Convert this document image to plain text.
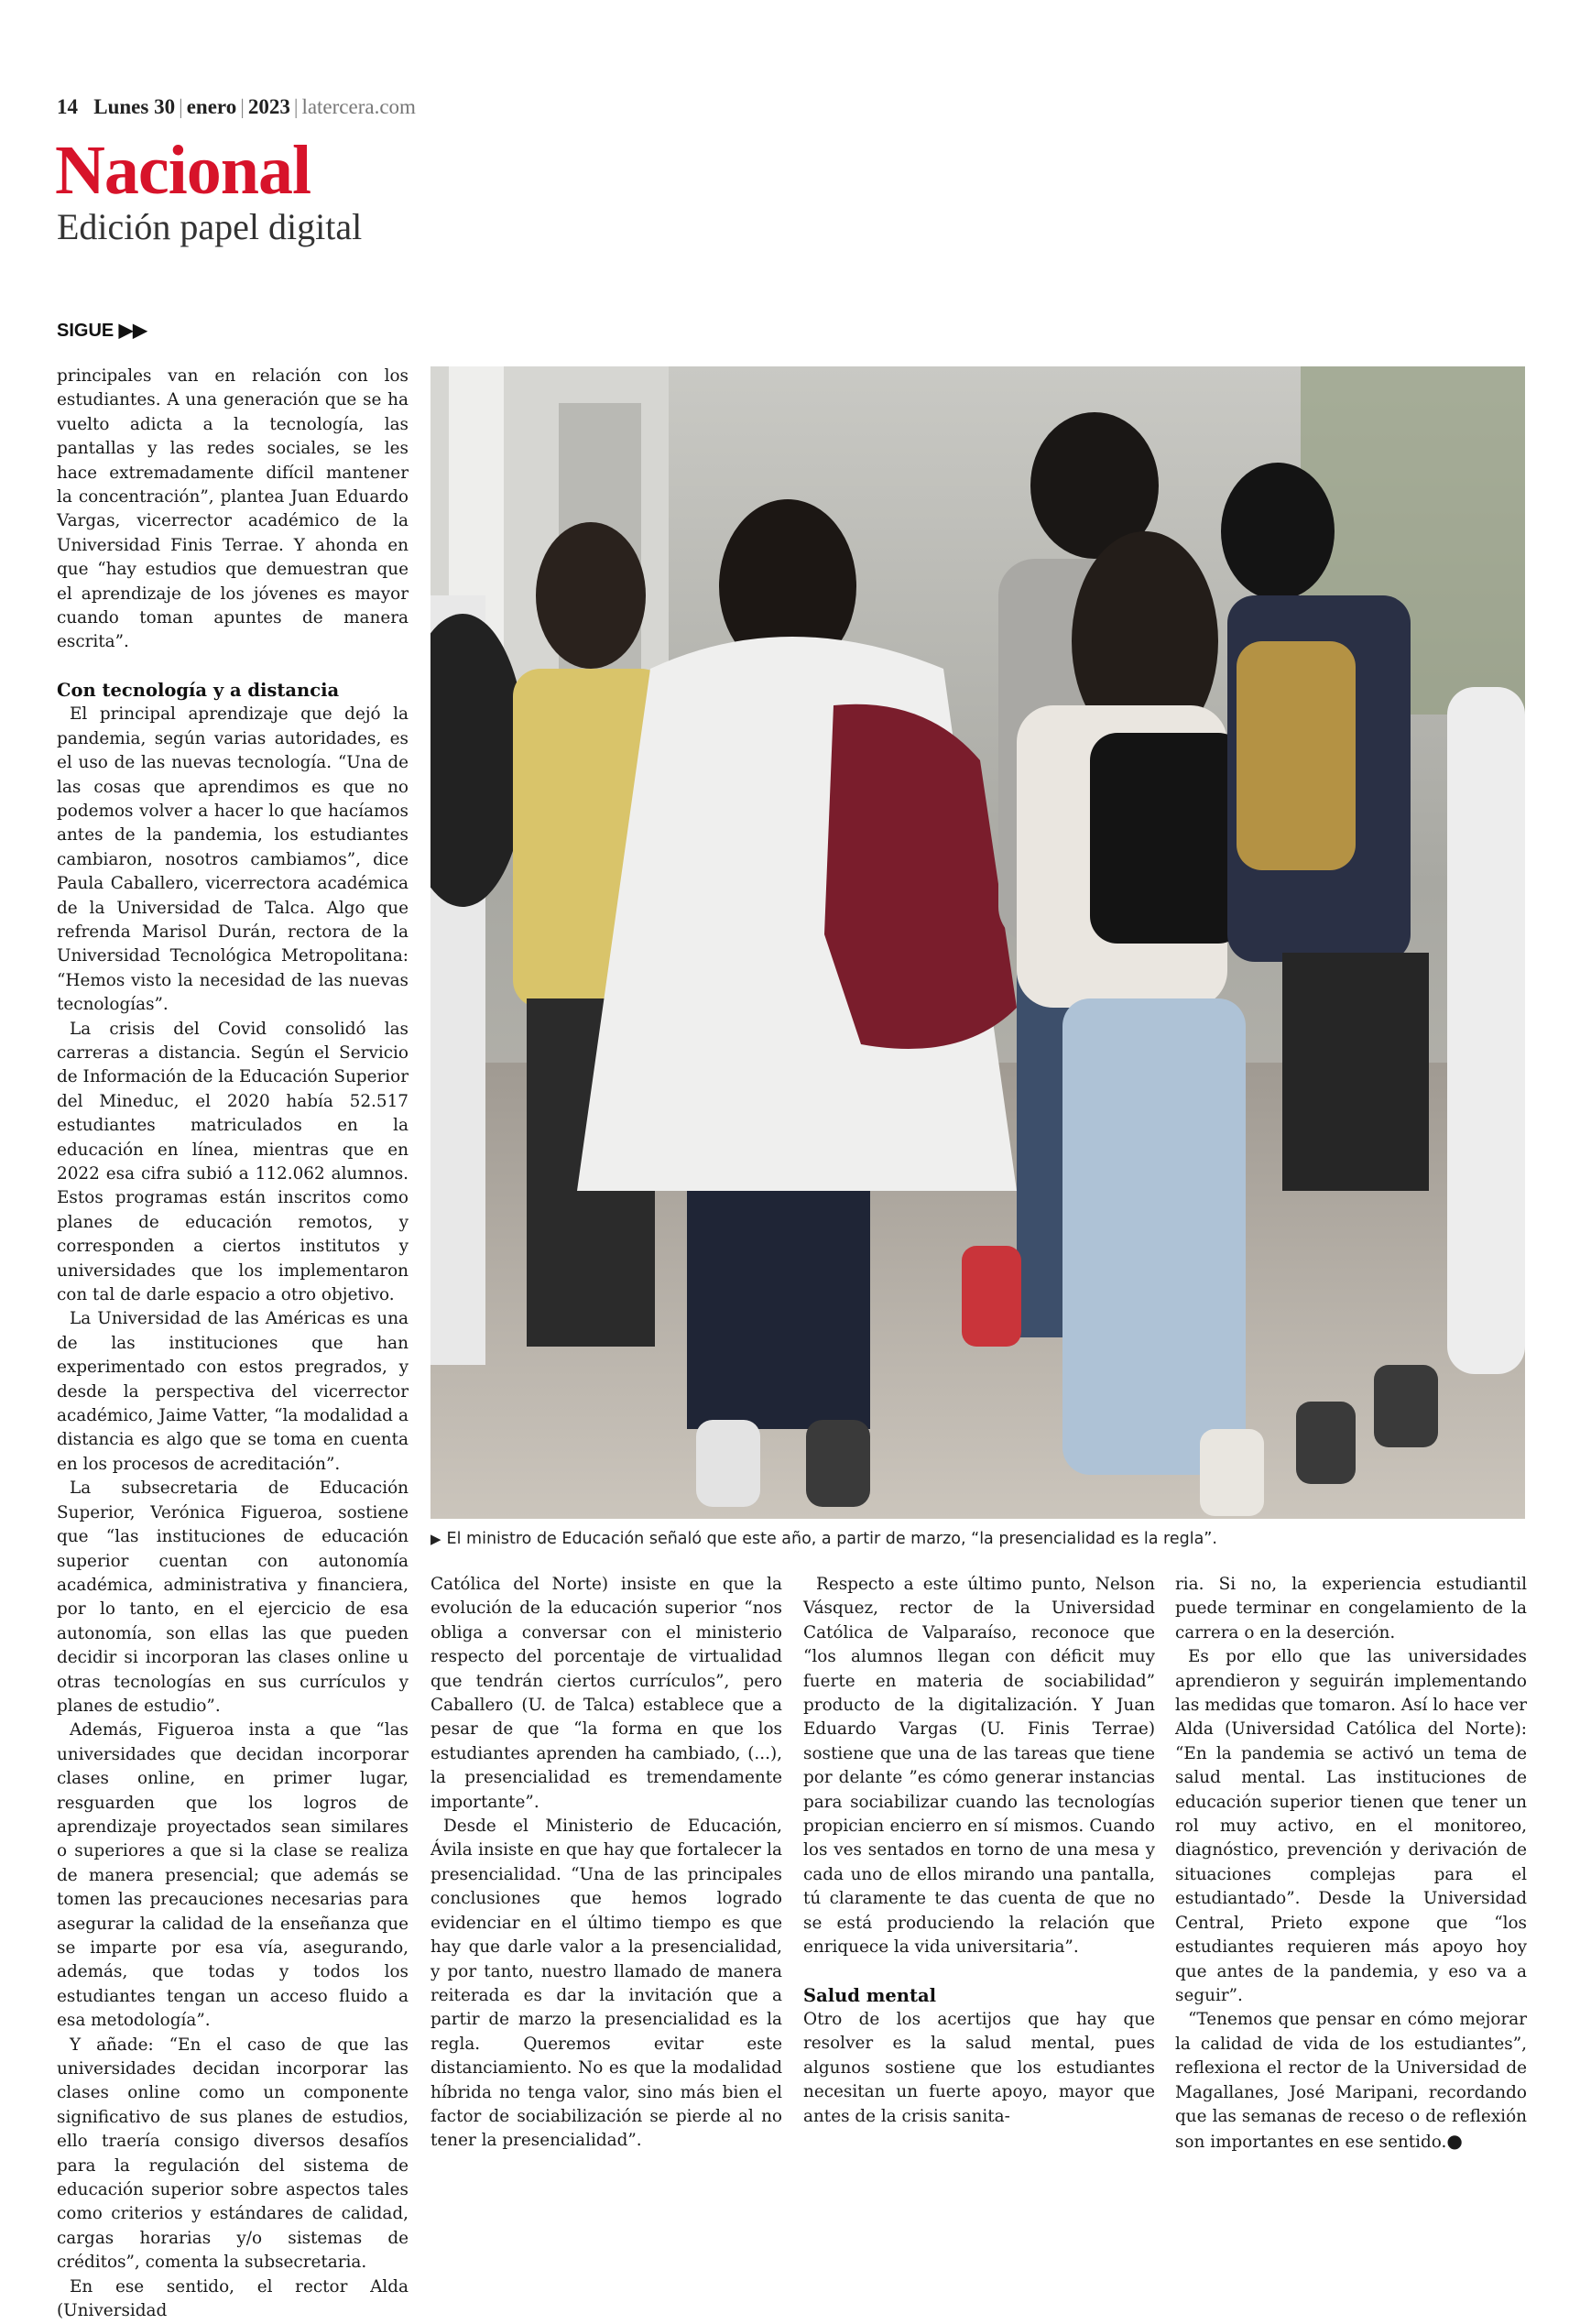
14 Lunes 30 | enero | 2023 | latercera.com
Nacional
Edición papel digital
SIGUE ▶▶

principales van en relación con los estudiantes. A una generación que se ha vuelto adicta a la tecnología, las pantallas y las redes sociales, se les hace extremadamente difícil mantener la concentración”, plantea Juan Eduardo Vargas, vicerrector académico de la Universidad Finis Terrae. Y ahonda en que “hay estudios que demuestran que el aprendizaje de los jóvenes es mayor cuando toman apuntes de manera escrita”.

Con tecnología y a distancia

El principal aprendizaje que dejó la pandemia, según varias autoridades, es el uso de las nuevas tecnología. “Una de las cosas que aprendimos es que no podemos volver a hacer lo que hacíamos antes de la pandemia, los estudiantes cambiaron, nosotros cambiamos”, dice Paula Caballero, vicerrectora académica de la Universidad de Talca. Algo que refrenda Marisol Durán, rectora de la Universidad Tecnológica Metropolitana: “Hemos visto la necesidad de las nuevas tecnologías”.

La crisis del Covid consolidó las carreras a distancia. Según el Servicio de Información de la Educación Superior del Mineduc, el 2020 había 52.517 estudiantes matriculados en la educación en línea, mientras que en 2022 esa cifra subió a 112.062 alumnos. Estos programas están inscritos como planes de educación remotos, y corresponden a ciertos institutos y universidades que los implementaron con tal de darle espacio a otro objetivo.

La Universidad de las Américas es una de las instituciones que han experimentado con estos pregrados, y desde la perspectiva del vicerrector académico, Jaime Vatter, “la modalidad a distancia es algo que se toma en cuenta en los procesos de acreditación”.

La subsecretaria de Educación Superior, Verónica Figueroa, sostiene que “las instituciones de educación superior cuentan con autonomía académica, administrativa y financiera, por lo tanto, en el ejercicio de esa autonomía, son ellas las que pueden decidir si incorporan las clases online u otras tecnologías en sus currículos y planes de estudio”.

Además, Figueroa insta a que “las universidades que decidan incorporar clases online, en primer lugar, resguarden que los logros de aprendizaje proyectados sean similares o superiores a que si la clase se realiza de manera presencial; que además se tomen las precauciones necesarias para asegurar la calidad de la enseñanza que se imparte por esa vía, asegurando, además, que todas y todos los estudiantes tengan un acceso fluido a esa metodología”.

Y añade: “En el caso de que las universidades decidan incorporar las clases online como un componente significativo de sus planes de estudios, ello traería consigo diversos desafíos para la regulación del sistema de educación superior sobre aspectos tales como criterios y estándares de calidad, cargas horarias y/o sistemas de créditos”, comenta la subsecretaria.

En ese sentido, el rector Alda (Universidad

▶ El ministro de Educación señaló que este año, a partir de marzo, “la presencialidad es la regla”.

Católica del Norte) insiste en que la evolución de la educación superior “nos obliga a conversar con el ministerio respecto del porcentaje de virtualidad que tendrán ciertos currículos”, pero Caballero (U. de Talca) establece que a pesar de que “la forma en que los estudiantes aprenden ha cambiado, (...), la presencialidad es tremendamente importante”.

Desde el Ministerio de Educación, Ávila insiste en que hay que fortalecer la presencialidad. “Una de las principales conclusiones que hemos logrado evidenciar en el último tiempo es que hay que darle valor a la presencialidad, y por tanto, nuestro llamado de manera reiterada es dar la invitación que a partir de marzo la presencialidad es la regla. Queremos evitar este distanciamiento. No es que la modalidad híbrida no tenga valor, sino más bien el factor de sociabilización se pierde al no tener la presencialidad”.

Respecto a este último punto, Nelson Vásquez, rector de la Universidad Católica de Valparaíso, reconoce que “los alumnos llegan con déficit muy fuerte en materia de sociabilidad” producto de la digitalización. Y Juan Eduardo Vargas (U. Finis Terrae) sostiene que una de las tareas que tiene por delante ”es cómo generar instancias para sociabilizar cuando las tecnologías propician encierro en sí mismos. Cuando los ves sentados en torno de una mesa y cada uno de ellos mirando una pantalla, tú claramente te das cuenta de que no se está produciendo la relación que enriquece la vida universitaria”.

Salud mental

Otro de los acertijos que hay que resolver es la salud mental, pues algunos sostiene que los estudiantes necesitan un fuerte apoyo, mayor que antes de la crisis sanita-

ria. Si no, la experiencia estudiantil puede terminar en congelamiento de la carrera o en la deserción.

Es por ello que las universidades aprendieron y seguirán implementando las medidas que tomaron. Así lo hace ver Alda (Universidad Católica del Norte): “En la pandemia se activó un tema de salud mental. Las instituciones de educación superior tienen que tener un rol muy activo, en el monitoreo, diagnóstico, prevención y derivación de situaciones complejas para el estudiantado”. Desde la Universidad Central, Prieto expone que “los estudiantes requieren más apoyo hoy que antes de la pandemia, y eso va a seguir”.

“Tenemos que pensar en cómo mejorar la calidad de vida de los estudiantes”, reflexiona el rector de la Universidad de Magallanes, José Maripani, recordando que las semanas de receso o de reflexión son importantes en ese sentido.●
